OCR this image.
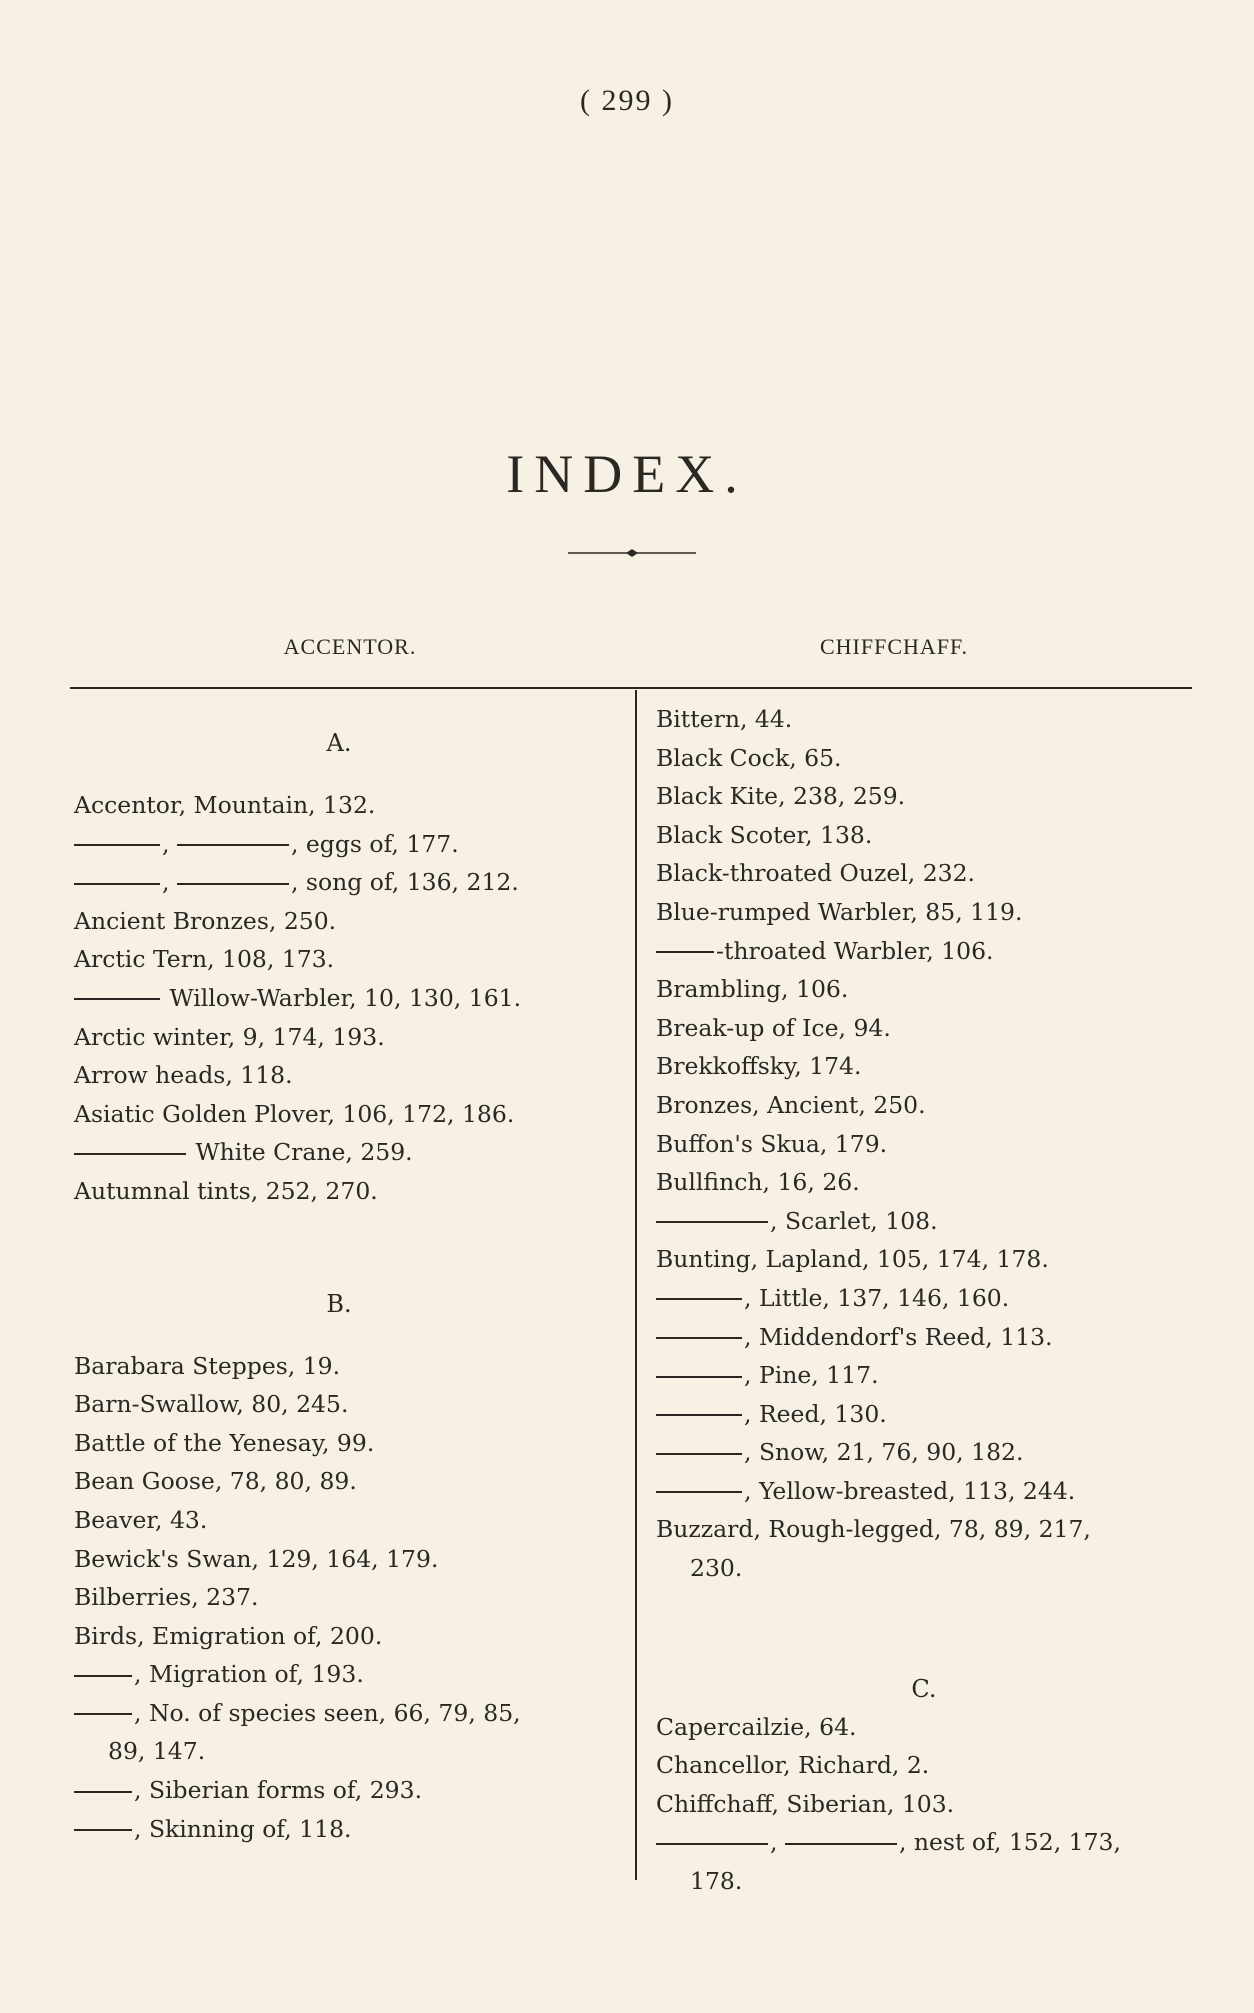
( 299 )
INDEX.
ACCENTOR.	CHIFFCHAFF.
A.
Accentor, Mountain, 132.
,	, eggs of, 177.
,	, song of, 136, 212.
Ancient Bronzes, 250.
Arctic Tern, 108, 173.
Willow-Warbler, 10, 130, 161.
Arctic winter, 9, 174, 193.
Arrow heads, 118.
Asiatic Golden Plover, 106, 172, 186.
White Crane, 259.
Autumnal tints, 252, 270.
B.
Barabara Steppes, 19.
Barn-Swallow, 80, 245.
Battle of the Yenesay, 99.
Bean Goose, 78, 80, 89.
Beaver, 43.
Bewick's Swan, 129, 164, 179.
Bilberries, 237.
Birds, Emigration of, 200.
, Migration of, 193.
, No. of species seen, 66, 79, 85,
89, 147.
, Siberian forms of, 293.
, Skinning of, 118.
Bittern, 44.
Black Cock, 65.
Black Kite, 238, 259.
Black Scoter, 138.
Black-throated Ouzel, 232.
Blue-rumped Warbler, 85, 119.
-throated Warbler, 106.
Brambling, 106.
Break-up of Ice, 94.
Brekkoffsky, 174.
Bronzes, Ancient, 250.
Buffon's Skua, 179.
Bullfinch, 16, 26.
, Scarlet, 108.
Bunting, Lapland, 105, 174, 178.
, Little, 137, 146, 160.
, Middendorf's Reed, 113.
, Pine, 117.
, Reed, 130.
, Snow, 21, 76, 90, 182.
, Yellow-breasted, 113, 244.
Buzzard, Rough-legged, 78, 89, 217,
230.
C.
Capercailzie, 64.
Chancellor, Richard, 2.
Chiffchaff, Siberian, 103.
,	, nest of, 152, 173,
178.
